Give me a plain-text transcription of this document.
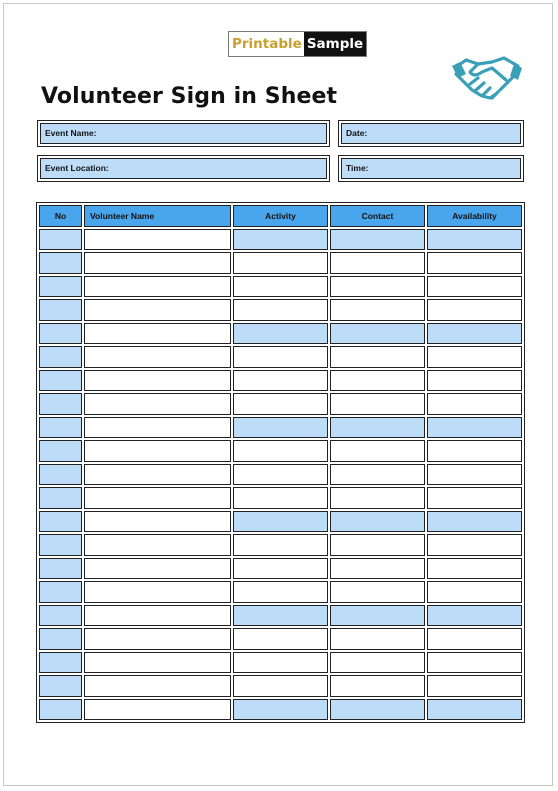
Printable Sample
Volunteer Sign in Sheet
Event Name:	Date:
Event Location:	Time:
No	Volunteer Name	Activity	Contact	Availability
